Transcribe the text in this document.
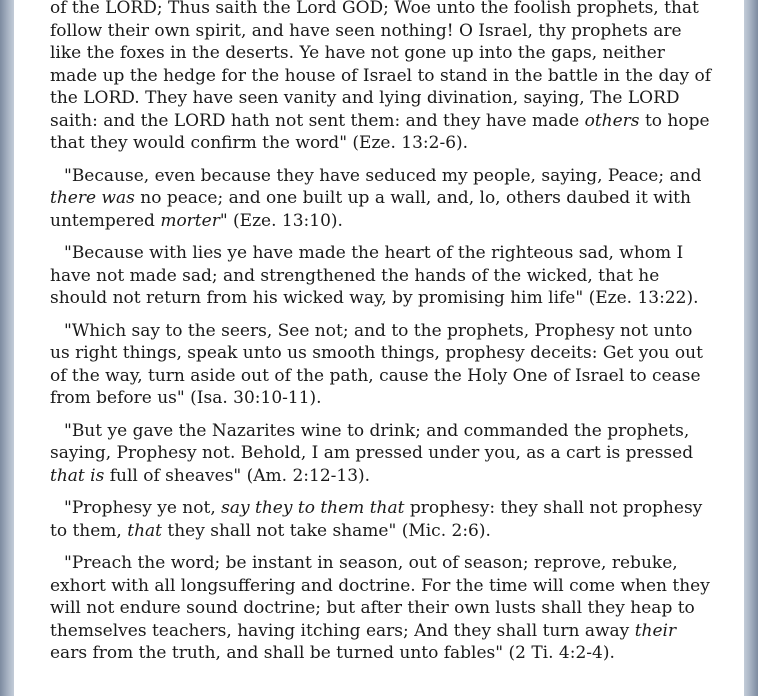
of the LORD; Thus saith the Lord GOD; Woe unto the foolish prophets, that follow their own spirit, and have seen nothing! O Israel, thy prophets are like the foxes in the deserts. Ye have not gone up into the gaps, neither made up the hedge for the house of Israel to stand in the battle in the day of the LORD. They have seen vanity and lying divination, saying, The LORD saith: and the LORD hath not sent them: and they have made others to hope that they would confirm the word" (Eze. 13:2-6).

"Because, even because they have seduced my people, saying, Peace; and there was no peace; and one built up a wall, and, lo, others daubed it with untempered morter" (Eze. 13:10).

"Because with lies ye have made the heart of the righteous sad, whom I have not made sad; and strengthened the hands of the wicked, that he should not return from his wicked way, by promising him life" (Eze. 13:22).

"Which say to the seers, See not; and to the prophets, Prophesy not unto us right things, speak unto us smooth things, prophesy deceits: Get you out of the way, turn aside out of the path, cause the Holy One of Israel to cease from before us" (Isa. 30:10-11).

"But ye gave the Nazarites wine to drink; and commanded the prophets, saying, Prophesy not. Behold, I am pressed under you, as a cart is pressed that is full of sheaves" (Am. 2:12-13).

"Prophesy ye not, say they to them that prophesy: they shall not prophesy to them, that they shall not take shame" (Mic. 2:6).

"Preach the word; be instant in season, out of season; reprove, rebuke, exhort with all longsuffering and doctrine. For the time will come when they will not endure sound doctrine; but after their own lusts shall they heap to themselves teachers, having itching ears; And they shall turn away their ears from the truth, and shall be turned unto fables" (2 Ti. 4:2-4).
